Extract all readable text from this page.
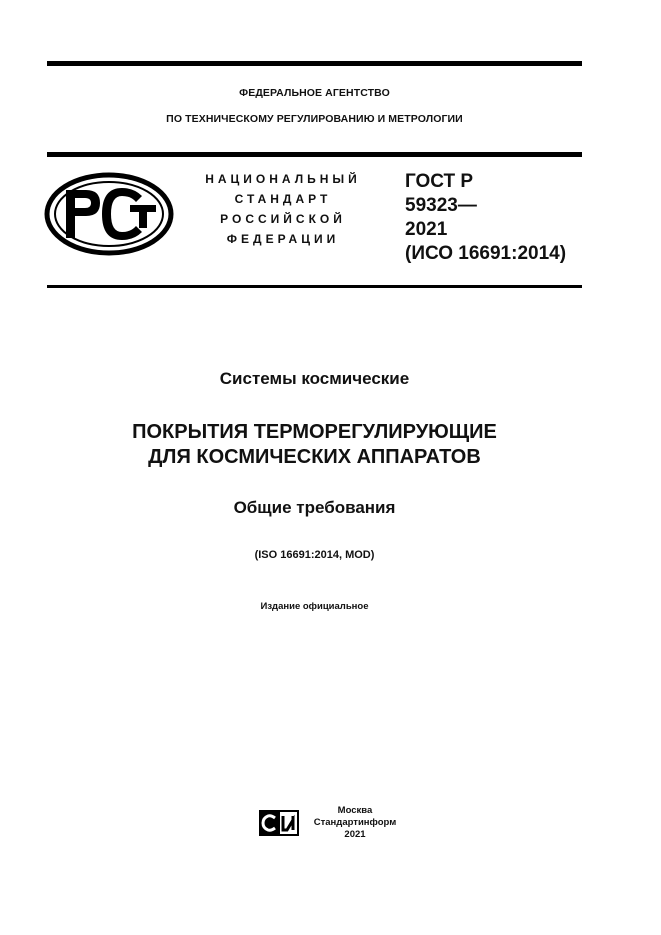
ФЕДЕРАЛЬНОЕ АГЕНТСТВО
ПО ТЕХНИЧЕСКОМУ РЕГУЛИРОВАНИЮ И МЕТРОЛОГИИ
НАЦИОНАЛЬНЫЙ
СТАНДАРТ
РОССИЙСКОЙ
ФЕДЕРАЦИИ
ГОСТ Р
59323—
2021
(ИСО 16691:2014)
Системы космические
ПОКРЫТИЯ ТЕРМОРЕГУЛИРУЮЩИЕ
ДЛЯ КОСМИЧЕСКИХ АППАРАТОВ
Общие требования
(ISO 16691:2014, MOD)
Издание официальное
Москва
Стандартинформ
2021
